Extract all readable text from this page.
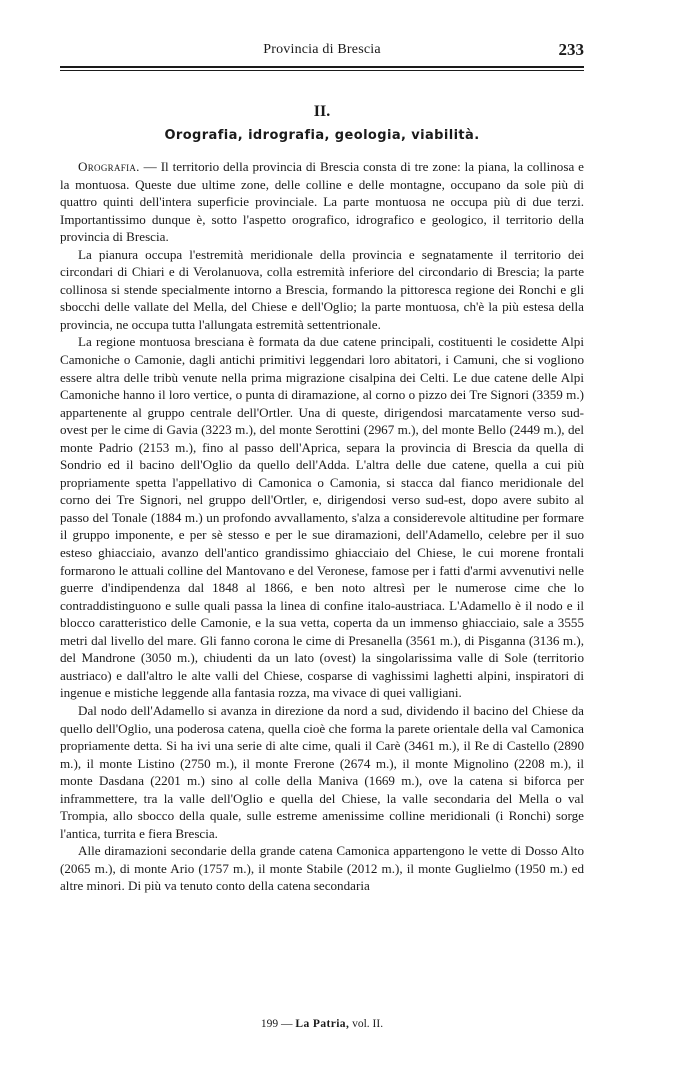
Provincia di Brescia	233
II.
Orografia, idrografia, geologia, viabilità.

Orografia. — Il territorio della provincia di Brescia consta di tre zone: la piana, la collinosa e la montuosa. Queste due ultime zone, delle colline e delle montagne, occupano da sole più di quattro quinti dell'intera superficie provinciale. La parte montuosa ne occupa più di due terzi. Importantissimo dunque è, sotto l'aspetto orografico, idrografico e geologico, il territorio della provincia di Brescia.

La pianura occupa l'estremità meridionale della provincia e segnatamente il territorio dei circondari di Chiari e di Verolanuova, colla estremità inferiore del circondario di Brescia; la parte collinosa si stende specialmente intorno a Brescia, formando la pittoresca regione dei Ronchi e gli sbocchi delle vallate del Mella, del Chiese e dell'Oglio; la parte montuosa, ch'è la più estesa della provincia, ne occupa tutta l'allungata estremità settentrionale.

La regione montuosa bresciana è formata da due catene principali, costituenti le cosidette Alpi Camoniche o Camonie, dagli antichi primitivi leggendari loro abitatori, i Camuni, che si vogliono essere altra delle tribù venute nella prima migrazione cisalpina dei Celti. Le due catene delle Alpi Camoniche hanno il loro vertice, o punta di diramazione, al corno o pizzo dei Tre Signori (3359 m.) appartenente al gruppo centrale dell'Ortler. Una di queste, dirigendosi marcatamente verso sud-ovest per le cime di Gavia (3223 m.), del monte Serottini (2967 m.), del monte Bello (2449 m.), del monte Padrio (2153 m.), fino al passo dell'Aprica, separa la provincia di Brescia da quella di Sondrio ed il bacino dell'Oglio da quello dell'Adda. L'altra delle due catene, quella a cui più propriamente spetta l'appellativo di Camonica o Camonia, si stacca dal fianco meridionale del corno dei Tre Signori, nel gruppo dell'Ortler, e, dirigendosi verso sud-est, dopo avere subito al passo del Tonale (1884 m.) un profondo avvallamento, s'alza a considerevole altitudine per formare il gruppo imponente, e per sè stesso e per le sue diramazioni, dell'Adamello, celebre per il suo esteso ghiacciaio, avanzo dell'antico grandissimo ghiacciaio del Chiese, le cui morene frontali formarono le attuali colline del Mantovano e del Veronese, famose per i fatti d'armi avvenutivi nelle guerre d'indipendenza dal 1848 al 1866, e ben noto altresì per le numerose cime che lo contraddistinguono e sulle quali passa la linea di confine italo-austriaca. L'Adamello è il nodo e il blocco caratteristico delle Camonie, e la sua vetta, coperta da un immenso ghiacciaio, sale a 3555 metri dal livello del mare. Gli fanno corona le cime di Presanella (3561 m.), di Pisganna (3136 m.), del Mandrone (3050 m.), chiudenti da un lato (ovest) la singolarissima valle di Sole (territorio austriaco) e dall'altro le alte valli del Chiese, cosparse di vaghissimi laghetti alpini, inspiratori di ingenue e mistiche leggende alla fantasia rozza, ma vivace di quei valligiani.

Dal nodo dell'Adamello si avanza in direzione da nord a sud, dividendo il bacino del Chiese da quello dell'Oglio, una poderosa catena, quella cioè che forma la parete orientale della val Camonica propriamente detta. Si ha ivi una serie di alte cime, quali il Carè (3461 m.), il Re di Castello (2890 m.), il monte Listino (2750 m.), il monte Frerone (2674 m.), il monte Mignolino (2208 m.), il monte Dasdana (2201 m.) sino al colle della Maniva (1669 m.), ove la catena si biforca per inframmettere, tra la valle dell'Oglio e quella del Chiese, la valle secondaria del Mella o val Trompia, allo sbocco della quale, sulle estreme amenissime colline meridionali (i Ronchi) sorge l'antica, turrita e fiera Brescia.

Alle diramazioni secondarie della grande catena Camonica appartengono le vette di Dosso Alto (2065 m.), di monte Ario (1757 m.), il monte Stabile (2012 m.), il monte Guglielmo (1950 m.) ed altre minori. Di più va tenuto conto della catena secondaria

199 — La Patria, vol. II.
